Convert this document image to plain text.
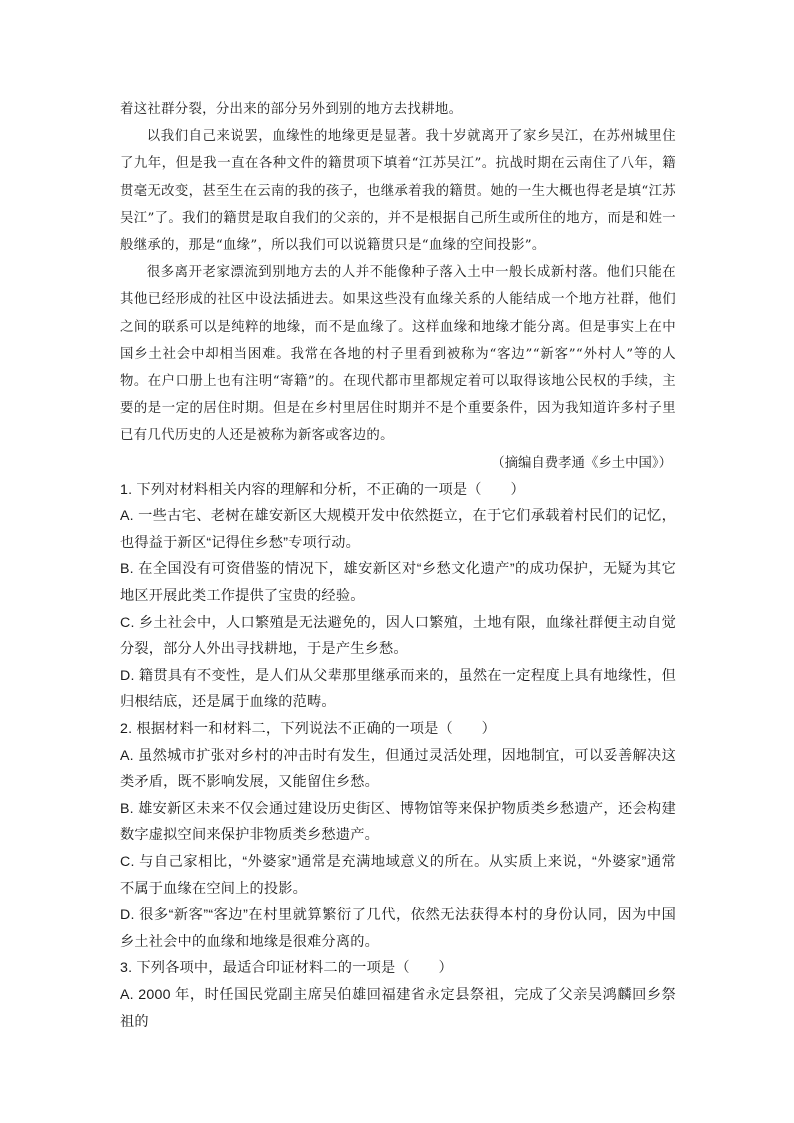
着这社群分裂，分出来的部分另外到别的地方去找耕地。

以我们自己来说罢，血缘性的地缘更是显著。我十岁就离开了家乡吴江，在苏州城里住了九年，但是我一直在各种文件的籍贯项下填着“江苏吴江”。抗战时期在云南住了八年，籍贯毫无改变，甚至生在云南的我的孩子，也继承着我的籍贯。她的一生大概也得老是填“江苏吴江”了。我们的籍贯是取自我们的父亲的，并不是根据自己所生或所住的地方，而是和姓一般继承的，那是“血缘”，所以我们可以说籍贯只是“血缘的空间投影”。

很多离开老家漂流到别地方去的人并不能像种子落入土中一般长成新村落。他们只能在其他已经形成的社区中设法插进去。如果这些没有血缘关系的人能结成一个地方社群，他们之间的联系可以是纯粹的地缘，而不是血缘了。这样血缘和地缘才能分离。但是事实上在中国乡土社会中却相当困难。我常在各地的村子里看到被称为“客边”“新客”“外村人”等的人物。在户口册上也有注明“寄籍”的。在现代都市里都规定着可以取得该地公民权的手续，主要的是一定的居住时期。但是在乡村里居住时期并不是个重要条件，因为我知道许多村子里已有几代历史的人还是被称为新客或客边的。

（摘编自费孝通《乡土中国》）

1. 下列对材料相关内容的理解和分析，不正确的一项是（　　）

A. 一些古宅、老树在雄安新区大规模开发中依然挺立，在于它们承载着村民们的记忆，也得益于新区“记得住乡愁”专项行动。

B. 在全国没有可资借鉴的情况下，雄安新区对“乡愁文化遗产”的成功保护，无疑为其它地区开展此类工作提供了宝贵的经验。

C. 乡土社会中，人口繁殖是无法避免的，因人口繁殖，土地有限，血缘社群便主动自觉分裂，部分人外出寻找耕地，于是产生乡愁。

D. 籍贯具有不变性，是人们从父辈那里继承而来的，虽然在一定程度上具有地缘性，但归根结底，还是属于血缘的范畴。

2. 根据材料一和材料二，下列说法不正确的一项是（　　）

A. 虽然城市扩张对乡村的冲击时有发生，但通过灵活处理，因地制宜，可以妥善解决这类矛盾，既不影响发展，又能留住乡愁。

B. 雄安新区未来不仅会通过建设历史街区、博物馆等来保护物质类乡愁遗产，还会构建数字虚拟空间来保护非物质类乡愁遗产。

C. 与自己家相比，“外婆家”通常是充满地域意义的所在。从实质上来说，“外婆家”通常不属于血缘在空间上的投影。

D. 很多“新客”“客边”在村里就算繁衍了几代，依然无法获得本村的身份认同，因为中国乡土社会中的血缘和地缘是很难分离的。

3. 下列各项中，最适合印证材料二的一项是（　　）

A. 2000 年，时任国民党副主席吴伯雄回福建省永定县祭祖，完成了父亲吴鸿麟回乡祭祖的
